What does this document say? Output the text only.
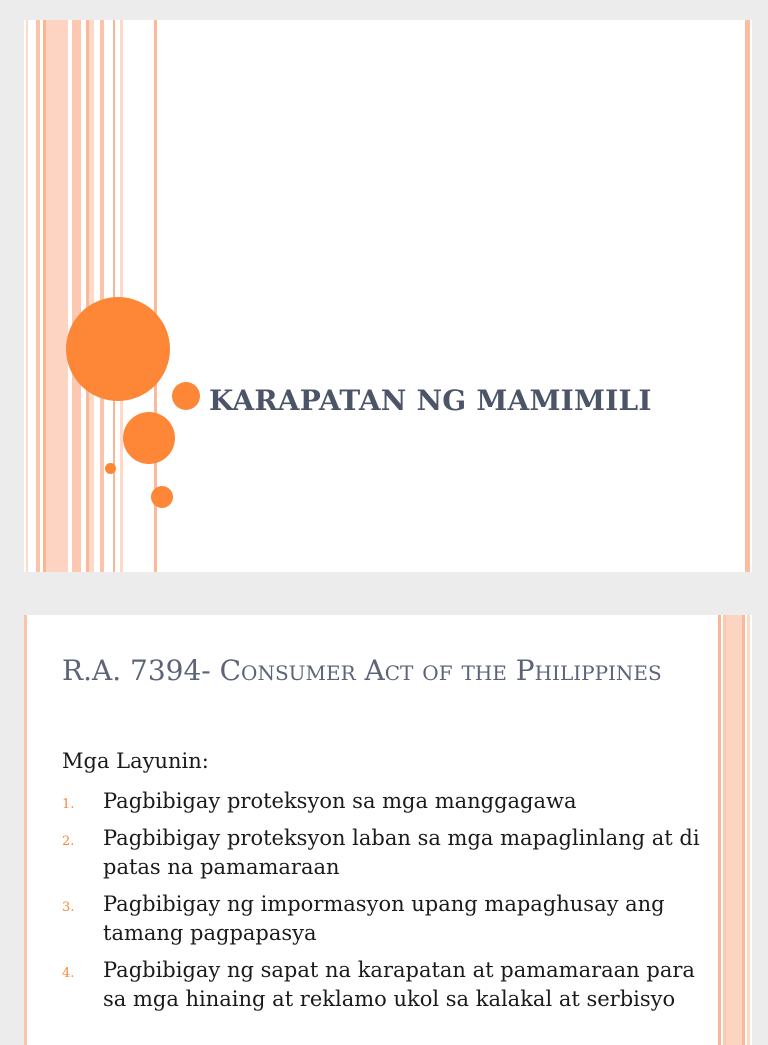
KARAPATAN NG MAMIMILI
R.A. 7394- Consumer Act of the Philippines
Mga Layunin:
1. Pagbibigay proteksyon sa mga manggagawa
2. Pagbibigay proteksyon laban sa mga mapaglinlang at di patas na pamamaraan
3. Pagbibigay ng impormasyon upang mapaghusay ang tamang pagpapasya
4. Pagbibigay ng sapat na karapatan at pamamaraan para sa mga hinaing at reklamo ukol sa kalakal at serbisyo
